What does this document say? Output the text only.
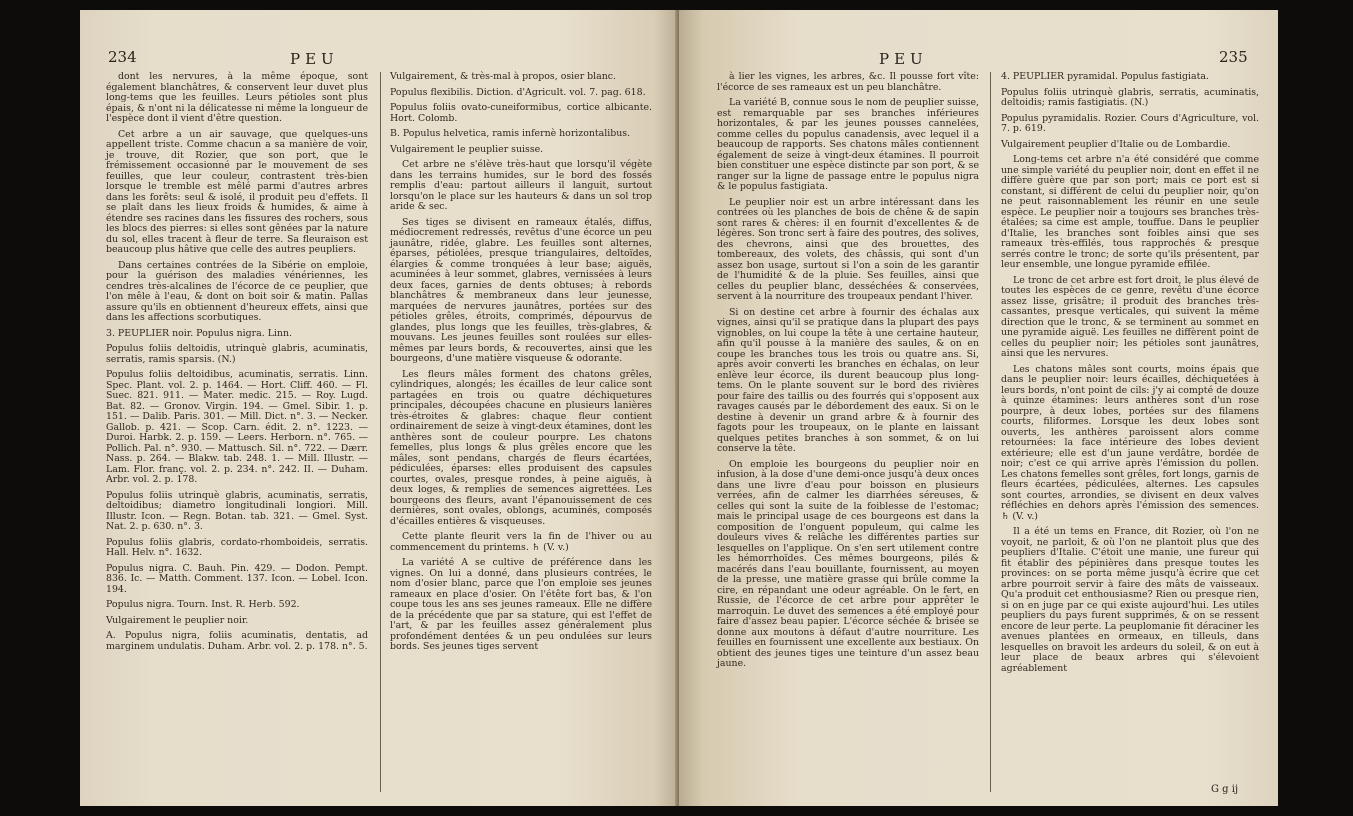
234	PEU

dont les nervures, à la même époque, sont également blanchâtres, & conservent leur duvet plus long-tems que les feuilles. Leurs pétioles sont plus épais, & n'ont ni la délicatesse ni même la longueur de l'espèce dont il vient d'être question.

Cet arbre a un air sauvage, que quelques-uns appellent triste. Comme chacun a sa manière de voir, je trouve, dit Rozier, que son port, que le frémissement occasionné par le mouvement de ses feuilles, que leur couleur, contrastent très-bien lorsque le tremble est mêlé parmi d'autres arbres dans les forêts: seul & isolé, il produit peu d'effets. Il se plaît dans les lieux froids & humides, & aime à étendre ses racines dans les fissures des rochers, sous les blocs des pierres: si elles sont gênées par la nature du sol, elles tracent à fleur de terre. Sa fleuraison est beaucoup plus hâtive que celle des autres peupliers.

Dans certaines contrées de la Sibérie on emploie, pour la guérison des maladies vénériennes, les cendres très-alcalines de l'écorce de ce peuplier, que l'on mêle à l'eau, & dont on boit soir & matin. Pallas assure qu'ils en obtiennent d'heureux effets, ainsi que dans les affections scorbutiques.

3. PEUPLIER noir. Populus nigra. Linn.

Populus foliis deltoidis, utrinquè glabris, acuminatis, serratis, ramis sparsis. (N.)

Populus foliis deltoidibus, acuminatis, serratis. Linn. Spec. Plant. vol. 2. p. 1464. — Hort. Cliff. 460. — Fl. Suec. 821. 911. — Mater. medic. 215. — Roy. Lugd. Bat. 82. — Gronov. Virgin. 194. — Gmel. Sibir. 1. p. 151. — Dalib. Paris. 301. — Mill. Dict. n°. 3. — Necker. Gallob. p. 421. — Scop. Carn. édit. 2. n°. 1223. — Duroi. Harbk. 2. p. 159. — Leers. Herborn. n°. 765. — Pollich. Pal. n°. 930. — Mattusch. Sil. n°. 722. — Dærr. Nass. p. 264. — Blakw. tab. 248. 1. — Mill. Illustr. — Lam. Flor. franç. vol. 2. p. 234. n°. 242. II. — Duham. Arbr. vol. 2. p. 178.

Populus foliis utrinquè glabris, acuminatis, serratis, deltoidibus; diametro longitudinali longiori. Mill. Illustr. Icon. — Regn. Botan. tab. 321. — Gmel. Syst. Nat. 2. p. 630. n°. 3.

Populus foliis glabris, cordato-rhomboideis, serratis. Hall. Helv. n°. 1632.

Populus nigra. C. Bauh. Pin. 429. — Dodon. Pempt. 836. Ic. — Matth. Comment. 137. Icon. — Lobel. Icon. 194.

Populus nigra. Tourn. Inst. R. Herb. 592.

Vulgairement le peuplier noir.

A. Populus nigra, foliis acuminatis, dentatis, ad marginem undulatis. Duham. Arbr. vol. 2. p. 178. n°. 5.

Vulgairement, & très-mal à propos, osier blanc.

Populus flexibilis. Diction. d'Agricult. vol. 7. pag. 618.

Populus foliis ovato-cuneiformibus, cortice albicante. Hort. Colomb.

B. Populus helvetica, ramis infernè horizontalibus.

Vulgairement le peuplier suisse.

Cet arbre ne s'élève très-haut que lorsqu'il végète dans les terrains humides, sur le bord des fossés remplis d'eau: partout ailleurs il languit, surtout lorsqu'on le place sur les hauteurs & dans un sol trop aride & sec.

Ses tiges se divisent en rameaux étalés, diffus, médiocrement redressés, revêtus d'une écorce un peu jaunâtre, ridée, glabre. Les feuilles sont alternes, éparses, pétiolées, presque triangulaires, deltoïdes, élargies & comme tronquées à leur base; aiguës, acuminées à leur sommet, glabres, vernissées à leurs deux faces, garnies de dents obtuses; à rebords blanchâtres & membraneux dans leur jeunesse, marquées de nervures jaunâtres, portées sur des pétioles grêles, étroits, comprimés, dépourvus de glandes, plus longs que les feuilles, très-glabres, & mouvans. Les jeunes feuilles sont roulées sur elles-mêmes par leurs bords, & recouvertes, ainsi que les bourgeons, d'une matière visqueuse & odorante.

Les fleurs mâles forment des chatons grêles, cylindriques, alongés; les écailles de leur calice sont partagées en trois ou quatre déchiquetures principales, découpées chacune en plusieurs lanières très-étroites & glabres: chaque fleur contient ordinairement de seize à vingt-deux étamines, dont les anthères sont de couleur pourpre. Les chatons femelles, plus longs & plus grêles encore que les mâles, sont pendans, chargés de fleurs écartées, pédiculées, éparses: elles produisent des capsules courtes, ovales, presque rondes, à peine aiguës, à deux loges, & remplies de semences aigrettées. Les bourgeons des fleurs, avant l'épanouissement de ces dernières, sont ovales, oblongs, acuminés, composés d'écailles entières & visqueuses.

Cette plante fleurit vers la fin de l'hiver ou au commencement du printems. ♄ (V. v.)

La variété A se cultive de préférence dans les vignes. On lui a donné, dans plusieurs contrées, le nom d'osier blanc, parce que l'on emploie ses jeunes rameaux en place d'osier. On l'étête fort bas, & l'on coupe tous les ans ses jeunes rameaux. Elle ne diffère de la précédente que par sa stature, qui est l'effet de l'art, & par les feuilles assez généralement plus profondément dentées & un peu ondulées sur leurs bords. Ses jeunes tiges servent

PEU	235

à lier les vignes, les arbres, &c. Il pousse fort vîte: l'écorce de ses rameaux est un peu blanchâtre.

La variété B, connue sous le nom de peuplier suisse, est remarquable par ses branches inférieures horizontales, & par les jeunes pousses cannelées, comme celles du populus canadensis, avec lequel il a beaucoup de rapports. Ses chatons mâles contiennent également de seize à vingt-deux étamines. Il pourroit bien constituer une espèce distincte par son port, & se ranger sur la ligne de passage entre le populus nigra & le populus fastigiata.

Le peuplier noir est un arbre intéressant dans les contrées où les planches de bois de chêne & de sapin sont rares & chères: il en fournit d'excellentes & de légères. Son tronc sert à faire des poutres, des solives, des chevrons, ainsi que des brouettes, des tombereaux, des volets, des châssis, qui sont d'un assez bon usage, surtout si l'on a soin de les garantir de l'humidité & de la pluie. Ses feuilles, ainsi que celles du peuplier blanc, desséchées & conservées, servent à la nourriture des troupeaux pendant l'hiver.

Si on destine cet arbre à fournir des échalas aux vignes, ainsi qu'il se pratique dans la plupart des pays vignobles, on lui coupe la tête à une certaine hauteur, afin qu'il pousse à la manière des saules, & on en coupe les branches tous les trois ou quatre ans. Si, après avoir converti les branches en échalas, on leur enlève leur écorce, ils durent beaucoup plus long-tems. On le plante souvent sur le bord des rivières pour faire des taillis ou des fourrés qui s'opposent aux ravages causés par le débordement des eaux. Si on le destine à devenir un grand arbre & à fournir des fagots pour les troupeaux, on le plante en laissant quelques petites branches à son sommet, & on lui conserve la tête.

On emploie les bourgeons du peuplier noir en infusion, à la dose d'une demi-once jusqu'à deux onces dans une livre d'eau pour boisson en plusieurs verrées, afin de calmer les diarrhées séreuses, & celles qui sont la suite de la foiblesse de l'estomac; mais le principal usage de ces bourgeons est dans la composition de l'onguent populeum, qui calme les douleurs vives & relâche les différentes parties sur lesquelles on l'applique. On s'en sert utilement contre les hémorrhoïdes. Ces mêmes bourgeons, pilés & macérés dans l'eau bouillante, fournissent, au moyen de la presse, une matière grasse qui brûle comme la cire, en répandant une odeur agréable. On le fert, en Russie, de l'écorce de cet arbre pour apprêter le marroquin. Le duvet des semences a été employé pour faire d'assez beau papier. L'écorce séchée & brisée se donne aux moutons à défaut d'autre nourriture. Les feuilles en fournissent une excellente aux bestiaux. On obtient des jeunes tiges une teinture d'un assez beau jaune.

4. PEUPLIER pyramidal. Populus fastigiata.

Populus foliis utrinquè glabris, serratis, acuminatis, deltoidis; ramis fastigiatis. (N.)

Populus pyramidalis. Rozier. Cours d'Agriculture, vol. 7. p. 619.

Vulgairement peuplier d'Italie ou de Lombardie.

Long-tems cet arbre n'a été considéré que comme une simple variété du peuplier noir, dont en effet il ne diffère guère que par son port; mais ce port est si constant, si différent de celui du peuplier noir, qu'on ne peut raisonnablement les réunir en une seule espèce. Le peuplier noir a toujours ses branches très-étalées; sa cime est ample, touffue. Dans le peuplier d'Italie, les branches sont foibles ainsi que ses rameaux très-effilés, tous rapprochés & presque serrés contre le tronc; de sorte qu'ils présentent, par leur ensemble, une longue pyramide effilée.

Le tronc de cet arbre est fort droit, le plus élevé de toutes les espèces de ce genre, revêtu d'une écorce assez lisse, grisâtre; il produit des branches très-cassantes, presque verticales, qui suivent la même direction que le tronc, & se terminent au sommet en une pyramide aiguë. Les feuilles ne diffèrent point de celles du peuplier noir; les pétioles sont jaunâtres, ainsi que les nervures.

Les chatons mâles sont courts, moins épais que dans le peuplier noir: leurs écailles, déchiquetées à leurs bords, n'ont point de cils: j'y ai compté de douze à quinze étamines: leurs anthères sont d'un rose pourpre, à deux lobes, portées sur des filamens courts, filiformes. Lorsque les deux lobes sont ouverts, les anthères paroissent alors comme retournées: la face intérieure des lobes devient extérieure; elle est d'un jaune verdâtre, bordée de noir; c'est ce qui arrive après l'émission du pollen. Les chatons femelles sont grêles, fort longs, garnis de fleurs écartées, pédiculées, alternes. Les capsules sont courtes, arrondies, se divisent en deux valves réfléchies en dehors après l'émission des semences. ♄ (V. v.)

Il a été un tems en France, dit Rozier, où l'on ne voyoit, ne parloit, & où l'on ne plantoit plus que des peupliers d'Italie. C'étoit une manie, une fureur qui fit établir des pépinières dans presque toutes les provinces: on se porta même jusqu'à écrire que cet arbre pourroit servir à faire des mâts de vaisseaux. Qu'a produit cet enthousiasme? Rien ou presque rien, si on en juge par ce qui existe aujourd'hui. Les utiles peupliers du pays furent supprimés, & on se ressent encore de leur perte. La peuplomanie fit déraciner les avenues plantées en ormeaux, en tilleuls, dans lesquelles on bravoit les ardeurs du soleil, & on eut à leur place de beaux arbres qui s'élevoient agréablement

G g ij
